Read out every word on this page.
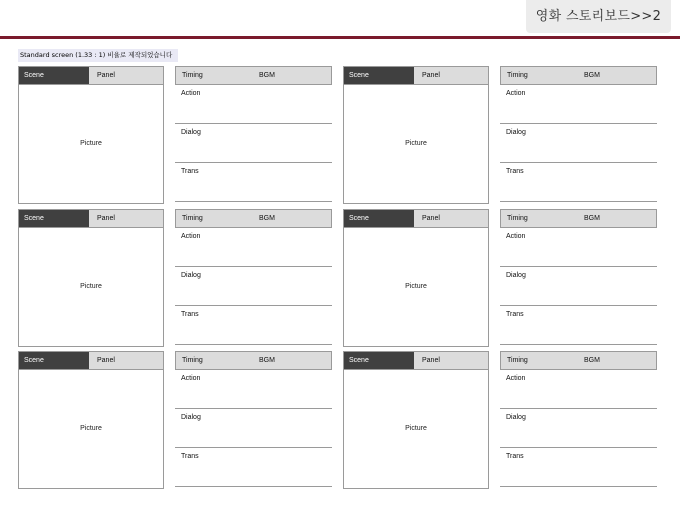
영화 스토리보드>>2
Standard screen (1.33 : 1) 비율로 제작되었습니다
Scene	Panel
Picture
Timing	BGM
Action
Dialog
Trans
Scene	Panel
Picture
Timing	BGM
Action
Dialog
Trans
Scene	Panel
Picture
Timing	BGM
Action
Dialog
Trans
Scene	Panel
Picture
Timing	BGM
Action
Dialog
Trans
Scene	Panel
Picture
Timing	BGM
Action
Dialog
Trans
Scene	Panel
Picture
Timing	BGM
Action
Dialog
Trans
